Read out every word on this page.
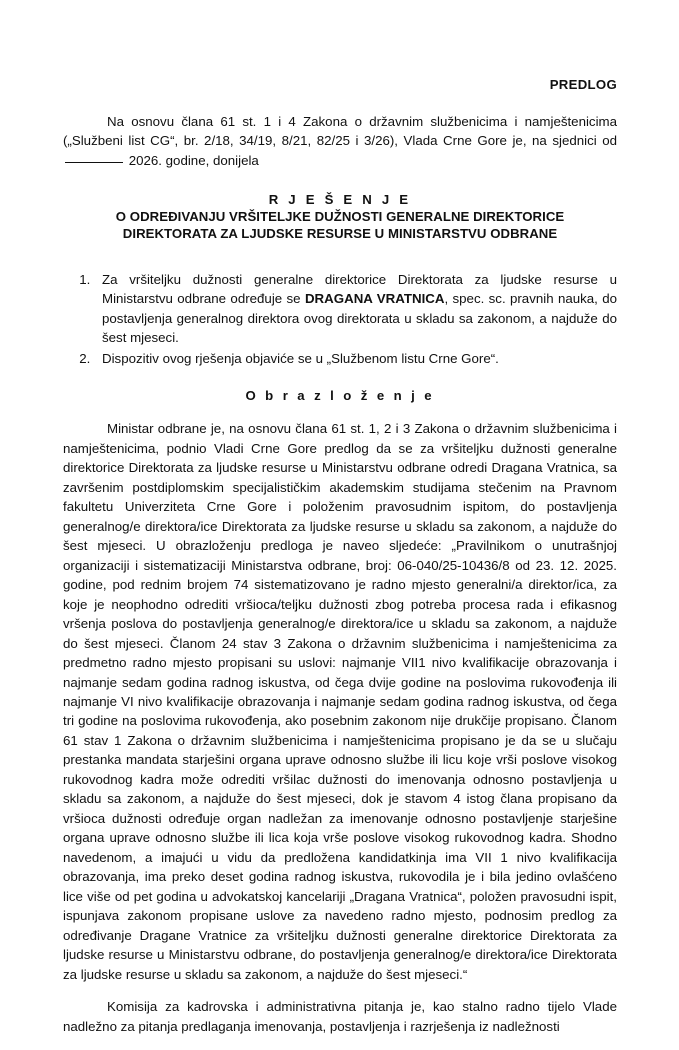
PREDLOG

Na osnovu člana 61 st. 1 i 4 Zakona o državnim službenicima i namještenicima („Službeni list CG“, br. 2/18, 34/19, 8/21, 82/25 i 3/26), Vlada Crne Gore je, na sjednici od  2026. godine, donijela

R J E Š E N J E
O ODREĐIVANJU VRŠITELJKE DUŽNOSTI GENERALNE DIREKTORICE
DIREKTORATA ZA LJUDSKE RESURSE U MINISTARSTVU ODBRANE
1. Za vršiteljku dužnosti generalne direktorice Direktorata za ljudske resurse u Ministarstvu odbrane određuje se DRAGANA VRATNICA, spec. sc. pravnih nauka, do postavljenja generalnog direktora ovog direktorata u skladu sa zakonom, a najduže do šest mjeseci.
2. Dispozitiv ovog rješenja objaviće se u „Službenom listu Crne Gore“.
O b r a z l o ž e n j e

Ministar odbrane je, na osnovu člana 61 st. 1, 2 i 3 Zakona o državnim službenicima i namještenicima, podnio Vladi Crne Gore predlog da se za vršiteljku dužnosti generalne direktorice Direktorata za ljudske resurse u Ministarstvu odbrane odredi Dragana Vratnica, sa završenim postdiplomskim specijalističkim akademskim studijama stečenim na Pravnom fakultetu Univerziteta Crne Gore i položenim pravosudnim ispitom, do postavljenja generalnog/e direktora/ice Direktorata za ljudske resurse u skladu sa zakonom, a najduže do šest mjeseci. U obrazloženju predloga je naveo sljedeće: „Pravilnikom o unutrašnjoj organizaciji i sistematizaciji Ministarstva odbrane, broj: 06-040/25-10436/8 od 23. 12. 2025. godine, pod rednim brojem 74 sistematizovano je radno mjesto generalni/a direktor/ica, za koje je neophodno odrediti vršioca/teljku dužnosti zbog potreba procesa rada i efikasnog vršenja poslova do postavljenja generalnog/e direktora/ice u skladu sa zakonom, a najduže do šest mjeseci. Članom 24 stav 3 Zakona o državnim službenicima i namještenicima za predmetno radno mjesto propisani su uslovi: najmanje VII1 nivo kvalifikacije obrazovanja i najmanje sedam godina radnog iskustva, od čega dvije godine na poslovima rukovođenja ili najmanje VI nivo kvalifikacije obrazovanja i najmanje sedam godina radnog iskustva, od čega tri godine na poslovima rukovođenja, ako posebnim zakonom nije drukčije propisano. Članom 61 stav 1 Zakona o državnim službenicima i namještenicima propisano je da se u slučaju prestanka mandata starješini organa uprave odnosno službe ili licu koje vrši poslove visokog rukovodnog kadra može odrediti vršilac dužnosti do imenovanja odnosno postavljenja u skladu sa zakonom, a najduže do šest mjeseci, dok je stavom 4 istog člana propisano da vršioca dužnosti određuje organ nadležan za imenovanje odnosno postavljenje starješine organa uprave odnosno službe ili lica koja vrše poslove visokog rukovodnog kadra. Shodno navedenom, a imajući u vidu da predložena kandidatkinja ima VII 1 nivo kvalifikacija obrazovanja, ima preko deset godina radnog iskustva, rukovodila je i bila jedino ovlašćeno lice više od pet godina u advokatskoj kancelariji „Dragana Vratnica“, položen pravosudni ispit, ispunjava zakonom propisane uslove za navedeno radno mjesto, podnosim predlog za određivanje Dragane Vratnice za vršiteljku dužnosti generalne direktorice Direktorata za ljudske resurse u Ministarstvu odbrane, do postavljenja generalnog/e direktora/ice Direktorata za ljudske resurse u skladu sa zakonom, a najduže do šest mjeseci.“

Komisija za kadrovska i administrativna pitanja je, kao stalno radno tijelo Vlade nadležno za pitanja predlaganja imenovanja, postavljenja i razrješenja iz nadležnosti
